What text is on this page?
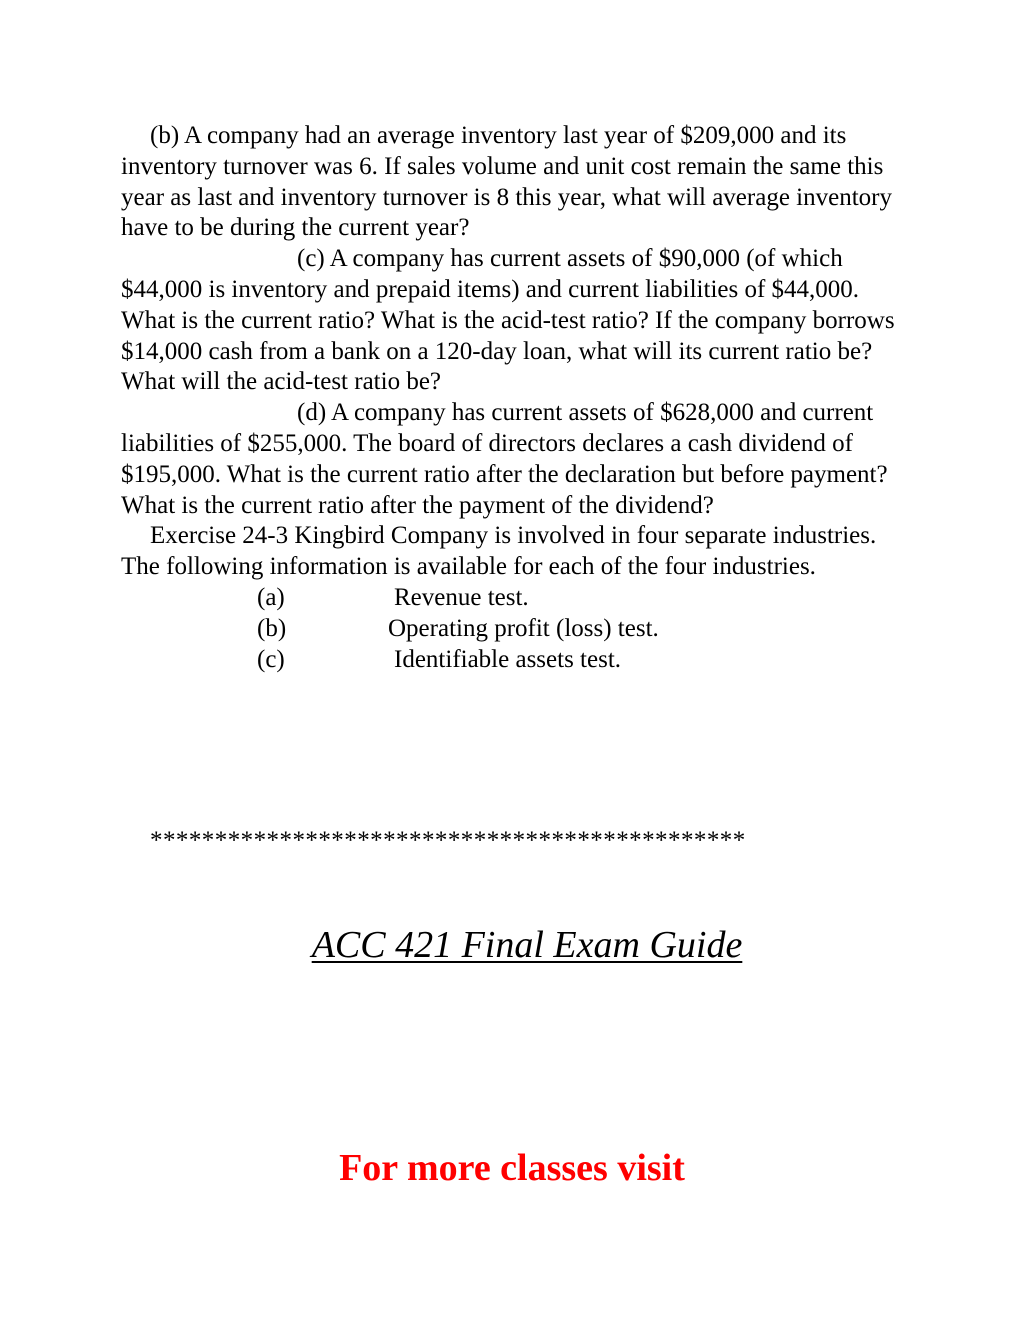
(b) A company had an average inventory last year of $209,000 and its inventory turnover was 6. If sales volume and unit cost remain the same this year as last and inventory turnover is 8 this year, what will average inventory have to be during the current year?

(c) A company has current assets of $90,000 (of which $44,000 is inventory and prepaid items) and current liabilities of $44,000. What is the current ratio? What is the acid-test ratio? If the company borrows $14,000 cash from a bank on a 120-day loan, what will its current ratio be? What will the acid-test ratio be?

(d) A company has current assets of $628,000 and current liabilities of $255,000. The board of directors declares a cash dividend of $195,000. What is the current ratio after the declaration but before payment? What is the current ratio after the payment of the dividend?

Exercise 24-3 Kingbird Company is involved in four separate industries. The following information is available for each of the four industries.

(a)	Revenue test.
(b)	Operating profit (loss) test.
(c)	Identifiable assets test.
**********************************************
ACC 421 Final Exam Guide
For more classes visit
